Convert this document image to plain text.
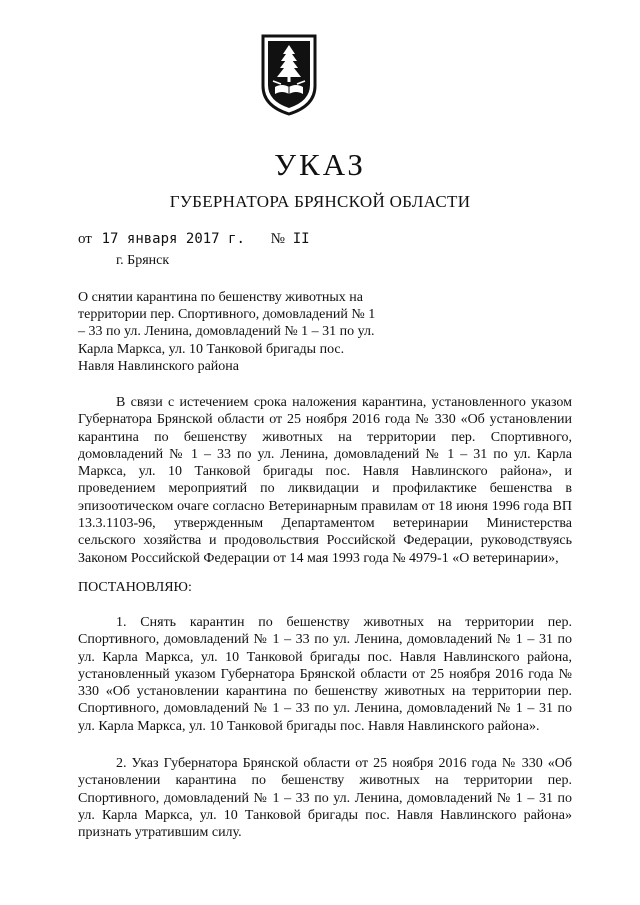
УКАЗ
ГУБЕРНАТОРА БРЯНСКОЙ ОБЛАСТИ
от 17 января 2017 г. № II
г. Брянск
О снятии карантина по бешенству животных на территории пер. Спортивного, домовладений № 1 – 33 по ул. Ленина, домовладений № 1 – 31 по ул. Карла Маркса, ул. 10 Танковой бригады пос. Навля Навлинского района

В связи с истечением срока наложения карантина, установленного указом Губернатора Брянской области от 25 ноября 2016 года № 330 «Об установлении карантина по бешенству животных на территории пер. Спортивного, домовладений № 1 – 33 по ул. Ленина, домовладений № 1 – 31 по ул. Карла Маркса, ул. 10 Танковой бригады пос. Навля Навлинского района», и проведением мероприятий по ликвидации и профилактике бешенства в эпизоотическом очаге согласно Ветеринарным правилам от 18 июня 1996 года ВП 13.3.1103-96, утвержденным Департаментом ветеринарии Министерства сельского хозяйства и продовольствия Российской Федерации, руководствуясь Законом Российской Федерации от 14 мая 1993 года № 4979-1 «О ветеринарии»,

ПОСТАНОВЛЯЮ:

1. Снять карантин по бешенству животных на территории пер. Спортивного, домовладений № 1 – 33 по ул. Ленина, домовладений № 1 – 31 по ул. Карла Маркса, ул. 10 Танковой бригады пос. Навля Навлинского района, установленный указом Губернатора Брянской области от 25 ноября 2016 года № 330 «Об установлении карантина по бешенству животных на территории пер. Спортивного, домовладений № 1 – 33 по ул. Ленина, домовладений № 1 – 31 по ул. Карла Маркса, ул. 10 Танковой бригады пос. Навля Навлинского района».

2. Указ Губернатора Брянской области от 25 ноября 2016 года № 330 «Об установлении карантина по бешенству животных на территории пер. Спортивного, домовладений № 1 – 33 по ул. Ленина, домовладений № 1 – 31 по ул. Карла Маркса, ул. 10 Танковой бригады пос. Навля Навлинского района» признать утратившим силу.
